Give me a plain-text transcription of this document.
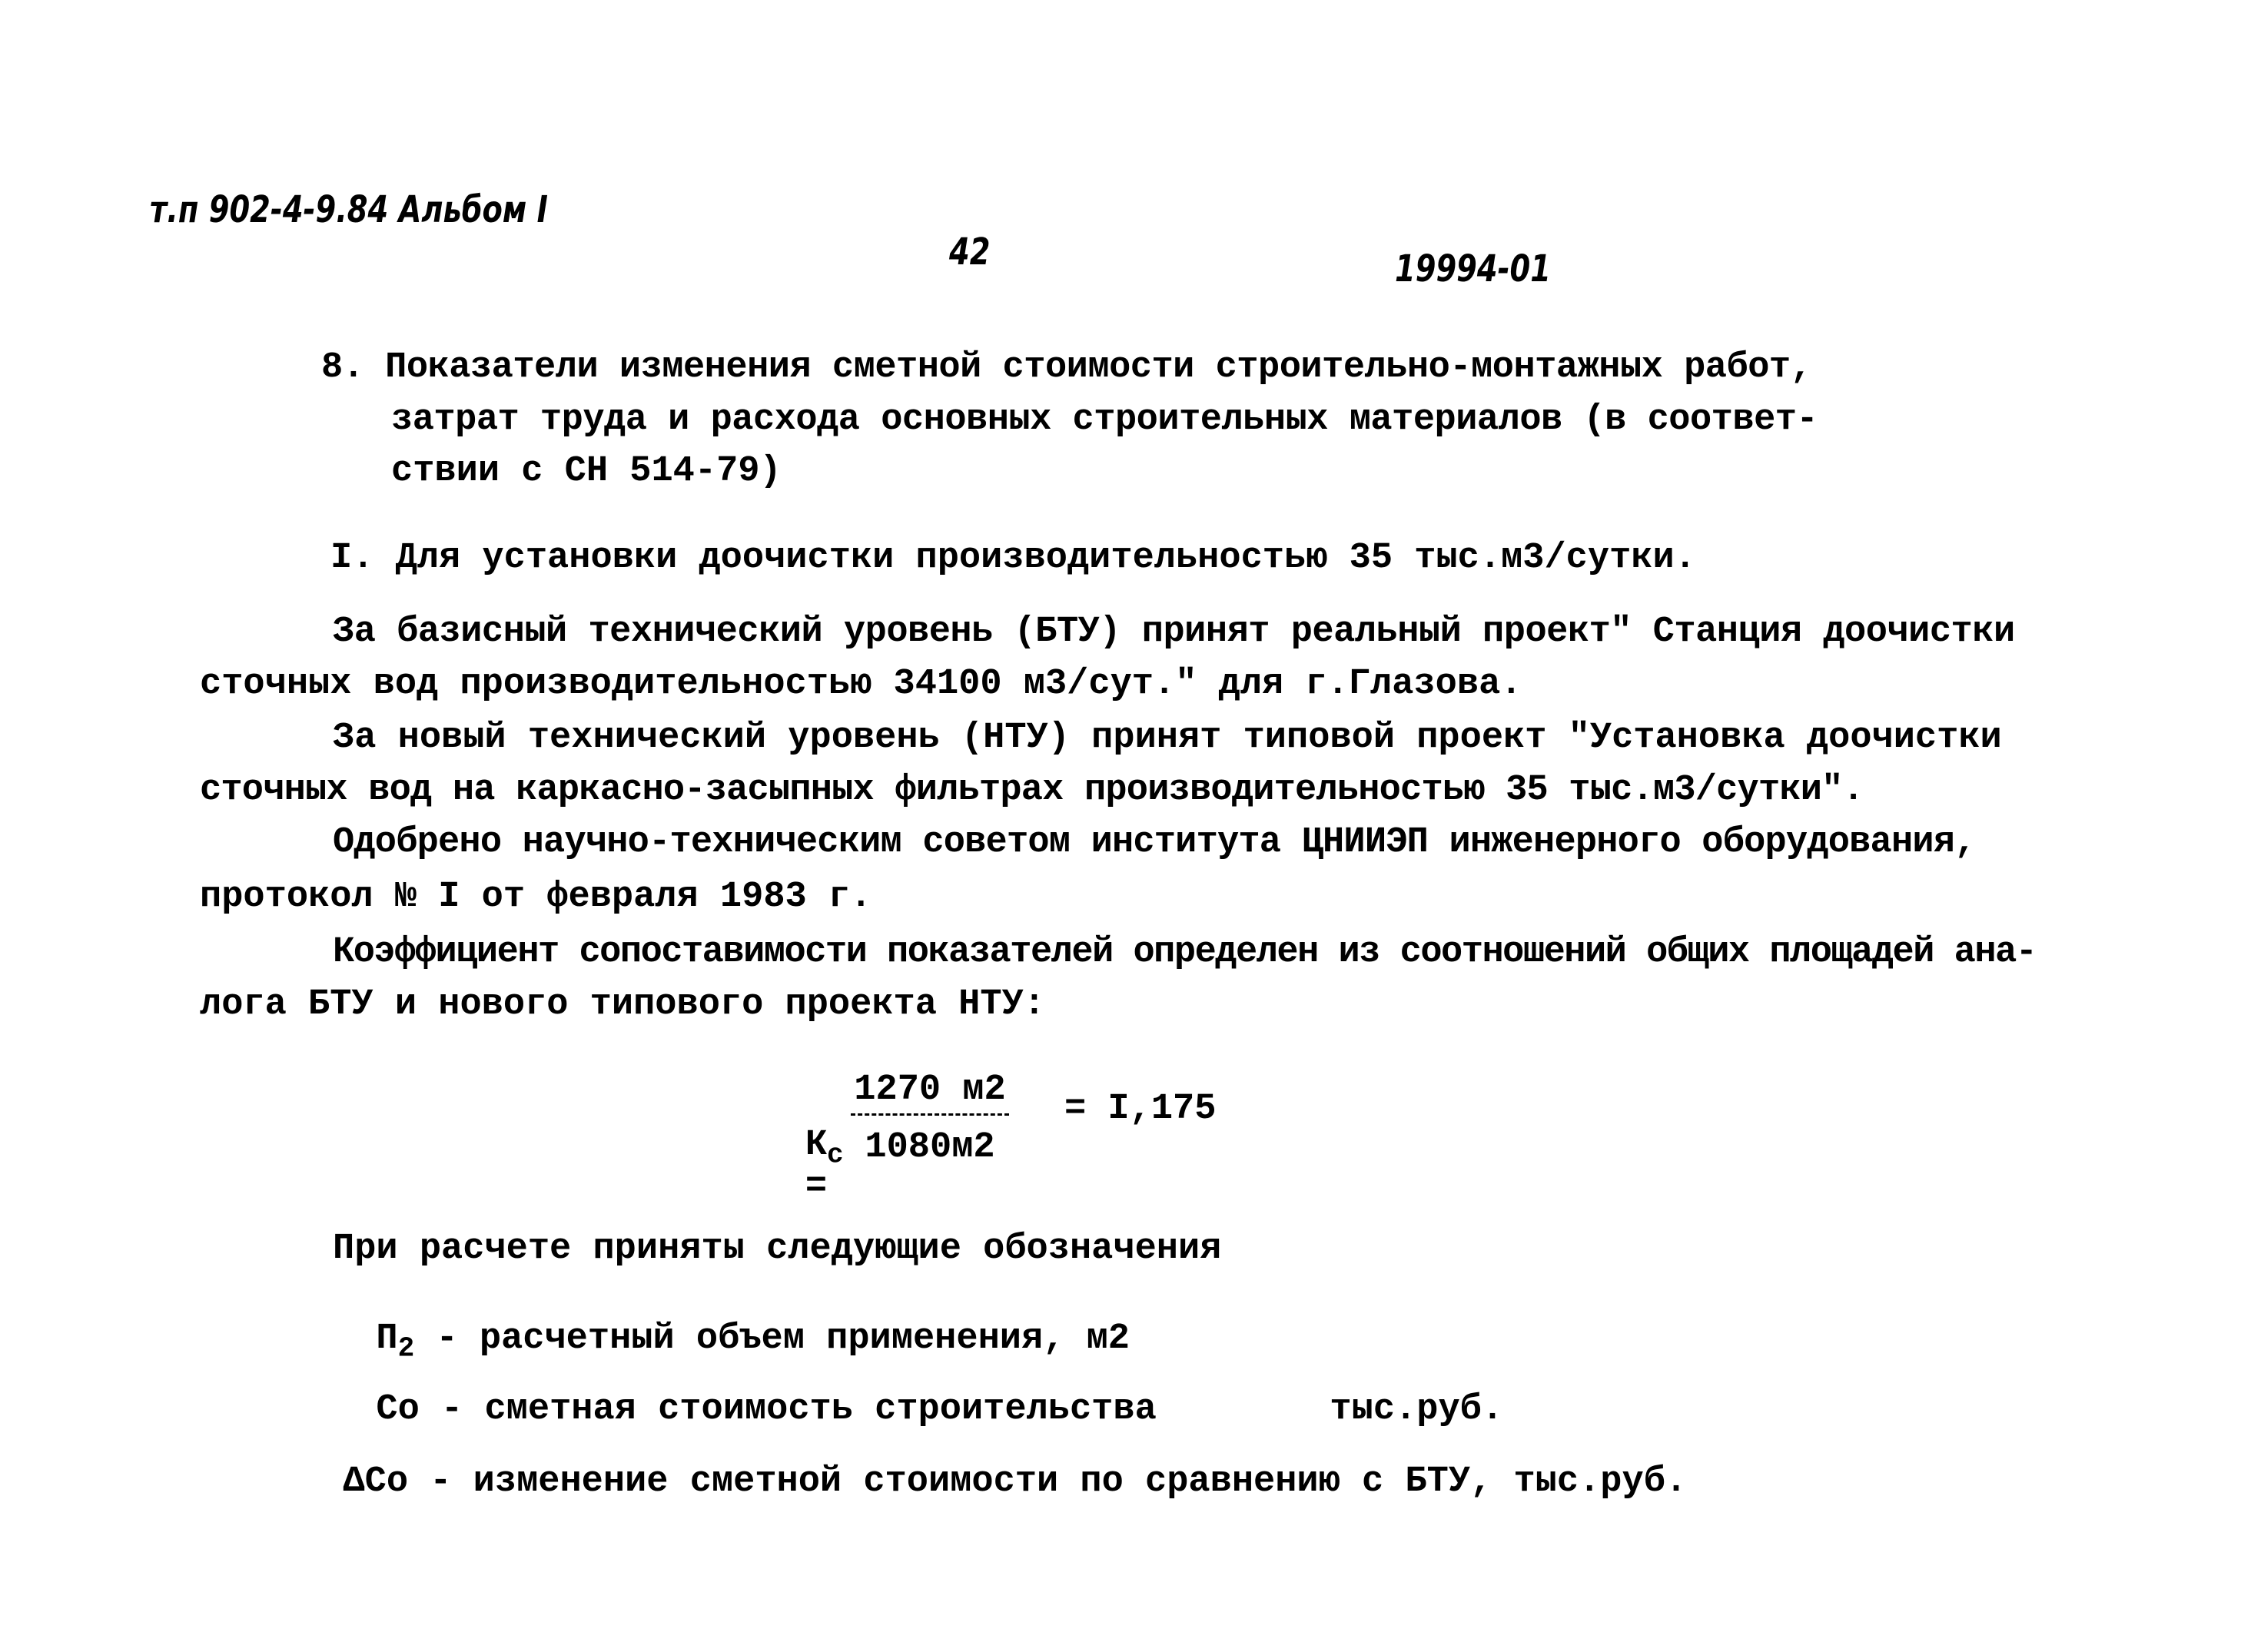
т.п 902-4-9.84 Альбом I
42	19994-01
8. Показатели изменения сметной стоимости строительно-монтажных работ,
затрат труда и расхода основных строительных материалов (в соответ-
ствии с СН 514-79)
I. Для установки доочистки производительностью 35 тыс.м3/сутки.
За базисный технический уровень (БТУ) принят реальный проект" Станция доочистки
сточных вод производительностью 34100 м3/сут." для г.Глазова.
За новый технический уровень (НТУ) принят типовой проект "Установка доочистки
сточных вод на каркасно-засыпных фильтрах производительностью 35 тыс.м3/сутки".
Одобрено научно-техническим советом института ЦНИИЭП инженерного оборудования,
протокол № I от февраля 1983 г.
Коэффициент сопоставимости показателей определен из соотношений общих площадей ана-
лога БТУ и нового типового проекта НТУ:

$К_с$
=

1270 м2
1080м2
= I,175
При расчете приняты следующие обозначения

$П_2$ - расчетный объем применения, м2

Со - сметная стоимость строительства        тыс.руб.

ΔСо - изменение сметной стоимости по сравнению с БТУ, тыс.руб.
